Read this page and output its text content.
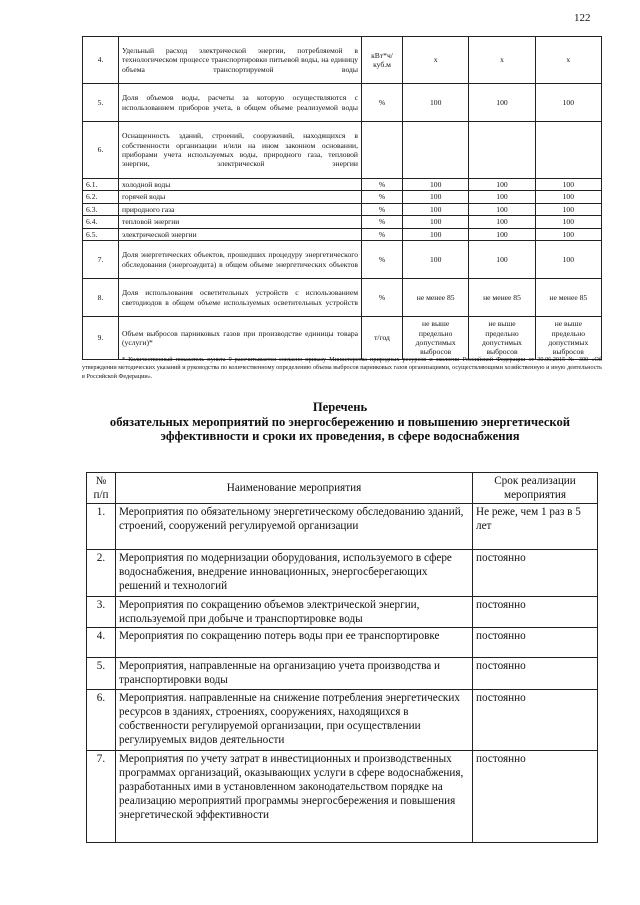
122
4.	Удельный расход электрической энергии, потребляемой в технологическом процессе транспортировки питьевой воды, на единицу объема транспортируемой воды	кВт*ч/ куб.м	х	х	х
5.	Доля объемов воды, расчеты за которую осуществляются с использованием приборов учета, в общем объеме реализуемой воды	%	100	100	100
6.	Оснащенность зданий, строений, сооружений, находящихся в собственности организации и/или на ином законном основании, приборами учета используемых воды, природного газа, тепловой энергии, электрической энергии				
6.1.	холодной воды	%	100	100	100
6.2.	горячей воды	%	100	100	100
6.3.	природного газа	%	100	100	100
6.4.	тепловой энергии	%	100	100	100
6.5.	электрической энергии	%	100	100	100
7.	Доля энергетических объектов, прошедших процедуру энергетического обследования (энергоаудита) в общем объеме энергетических объектов	%	100	100	100
8.	Доля использования осветительных устройств с использованием светодиодов в общем объеме используемых осветительных устройств	%	не менее 85	не менее 85	не менее 85
9.	Объем выбросов парниковых газов при производстве единицы товара (услуги)*	т/год	не выше предельно допустимых выбросов	не выше предельно допустимых выбросов	не выше предельно допустимых выбросов
* Количественный показатель пункта 9 рассчитывается согласно приказу Министерства природных ресурсов и экологии Российской Федерации от 30.06.2015 № 300 «Об утверждении методических указаний и руководства по количественному определению объема выбросов парниковых газов организациями, осуществляющими хозяйственную и иную деятельность в Российской Федерации».
Перечень
обязательных мероприятий по энергосбережению и повышению энергетической
эффективности и сроки их проведения, в сфере водоснабжения
№ п/п	Наименование мероприятия	Срок реализации мероприятия
1.	Мероприятия по обязательному энергетическому обследованию зданий, строений, сооружений регулируемой организации	Не реже, чем 1 раз в 5 лет
2.	Мероприятия по модернизации оборудования, используемого в сфере водоснабжения, внедрение инновационных, энергосберегающих решений и технологий	постоянно
3.	Мероприятия по сокращению объемов электрической энергии, используемой при добыче и транспортировке воды	постоянно
4.	Мероприятия по сокращению потерь воды при ее транспортировке	постоянно
5.	Мероприятия, направленные на организацию учета производства и транспортировки воды	постоянно
6.	Мероприятия. направленные на снижение потребления энергетических ресурсов в зданиях, строениях, сооружениях, находящихся в собственности регулируемой организации, при осуществлении регулируемых видов деятельности	постоянно
7.	Мероприятия по учету затрат в инвестиционных и производственных программах организаций, оказывающих услуги в сфере водоснабжения, разработанных ими в установленном законодательством порядке на реализацию мероприятий программы энергосбережения и повышения энергетической эффективности	постоянно
